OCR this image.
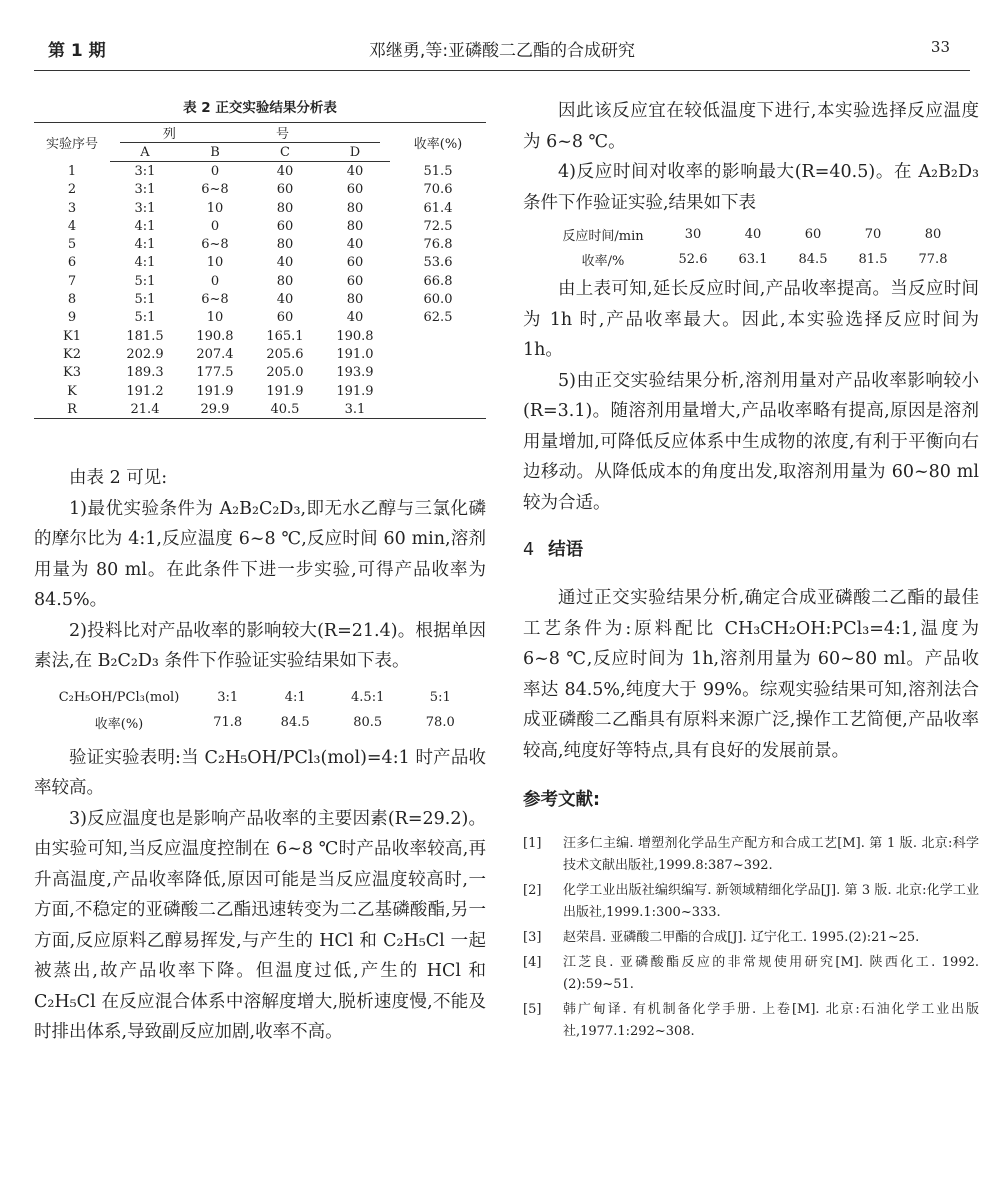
第 1 期	邓继勇,等:亚磷酸二乙酯的合成研究	33
表 2 正交实验结果分析表
实验序号	列 号				收率(%)
	A	B	C	D	
1	3:1	0	40	40	51.5
2	3:1	6~8	60	60	70.6
3	3:1	10	80	80	61.4
4	4:1	0	60	80	72.5
5	4:1	6~8	80	40	76.8
6	4:1	10	40	60	53.6
7	5:1	0	80	60	66.8
8	5:1	6~8	40	80	60.0
9	5:1	10	60	40	62.5
K1	181.5	190.8	165.1	190.8	
K2	202.9	207.4	205.6	191.0	
K3	189.3	177.5	205.0	193.9	
K	191.2	191.9	191.9	191.9	
R	21.4	29.9	40.5	3.1	

由表 2 可见:

1)最优实验条件为 A₂B₂C₂D₃,即无水乙醇与三氯化磷的摩尔比为 4:1,反应温度 6~8 ℃,反应时间 60 min,溶剂用量为 80 ml。在此条件下进一步实验,可得产品收率为 84.5%。

2)投料比对产品收率的影响较大(R=21.4)。根据单因素法,在 B₂C₂D₃ 条件下作验证实验结果如下表。

C₂H₅OH/PCl₃(mol)	3:1	4:1	4.5:1	5:1
收率(%)	71.8	84.5	80.5	78.0

验证实验表明:当 C₂H₅OH/PCl₃(mol)=4:1 时产品收率较高。

3)反应温度也是影响产品收率的主要因素(R=29.2)。由实验可知,当反应温度控制在 6~8 ℃时产品收率较高,再升高温度,产品收率降低,原因可能是当反应温度较高时,一方面,不稳定的亚磷酸二乙酯迅速转变为二乙基磷酸酯,另一方面,反应原料乙醇易挥发,与产生的 HCl 和 C₂H₅Cl 一起被蒸出,故产品收率下降。但温度过低,产生的 HCl 和 C₂H₅Cl 在反应混合体系中溶解度增大,脱析速度慢,不能及时排出体系,导致副反应加剧,收率不高。

因此该反应宜在较低温度下进行,本实验选择反应温度为 6~8 ℃。

4)反应时间对收率的影响最大(R=40.5)。在 A₂B₂D₃ 条件下作验证实验,结果如下表

反应时间/min	30	40	60	70	80
收率/%	52.6	63.1	84.5	81.5	77.8

由上表可知,延长反应时间,产品收率提高。当反应时间为 1h 时,产品收率最大。因此,本实验选择反应时间为 1h。

5)由正交实验结果分析,溶剂用量对产品收率影响较小(R=3.1)。随溶剂用量增大,产品收率略有提高,原因是溶剂用量增加,可降低反应体系中生成物的浓度,有利于平衡向右边移动。从降低成本的角度出发,取溶剂用量为 60~80 ml 较为合适。

4 结语

通过正交实验结果分析,确定合成亚磷酸二乙酯的最佳工艺条件为:原料配比 CH₃CH₂OH:PCl₃=4:1,温度为 6~8 ℃,反应时间为 1h,溶剂用量为 60~80 ml。产品收率达 84.5%,纯度大于 99%。综观实验结果可知,溶剂法合成亚磷酸二乙酯具有原料来源广泛,操作工艺简便,产品收率较高,纯度好等特点,具有良好的发展前景。

参考文献:
[1]	汪多仁主编. 增塑剂化学品生产配方和合成工艺[M]. 第 1 版. 北京:科学技术文献出版社,1999.8:387~392.
[2]	化学工业出版社编织编写. 新领域精细化学品[J]. 第 3 版. 北京:化学工业出版社,1999.1:300~333.
[3]	赵荣昌. 亚磷酸二甲酯的合成[J]. 辽宁化工. 1995.(2):21~25.
[4]	江芝良. 亚磷酸酯反应的非常规使用研究[M]. 陕西化工. 1992.(2):59~51.
[5]	韩广甸译. 有机制备化学手册. 上卷[M]. 北京:石油化学工业出版社,1977.1:292~308.
